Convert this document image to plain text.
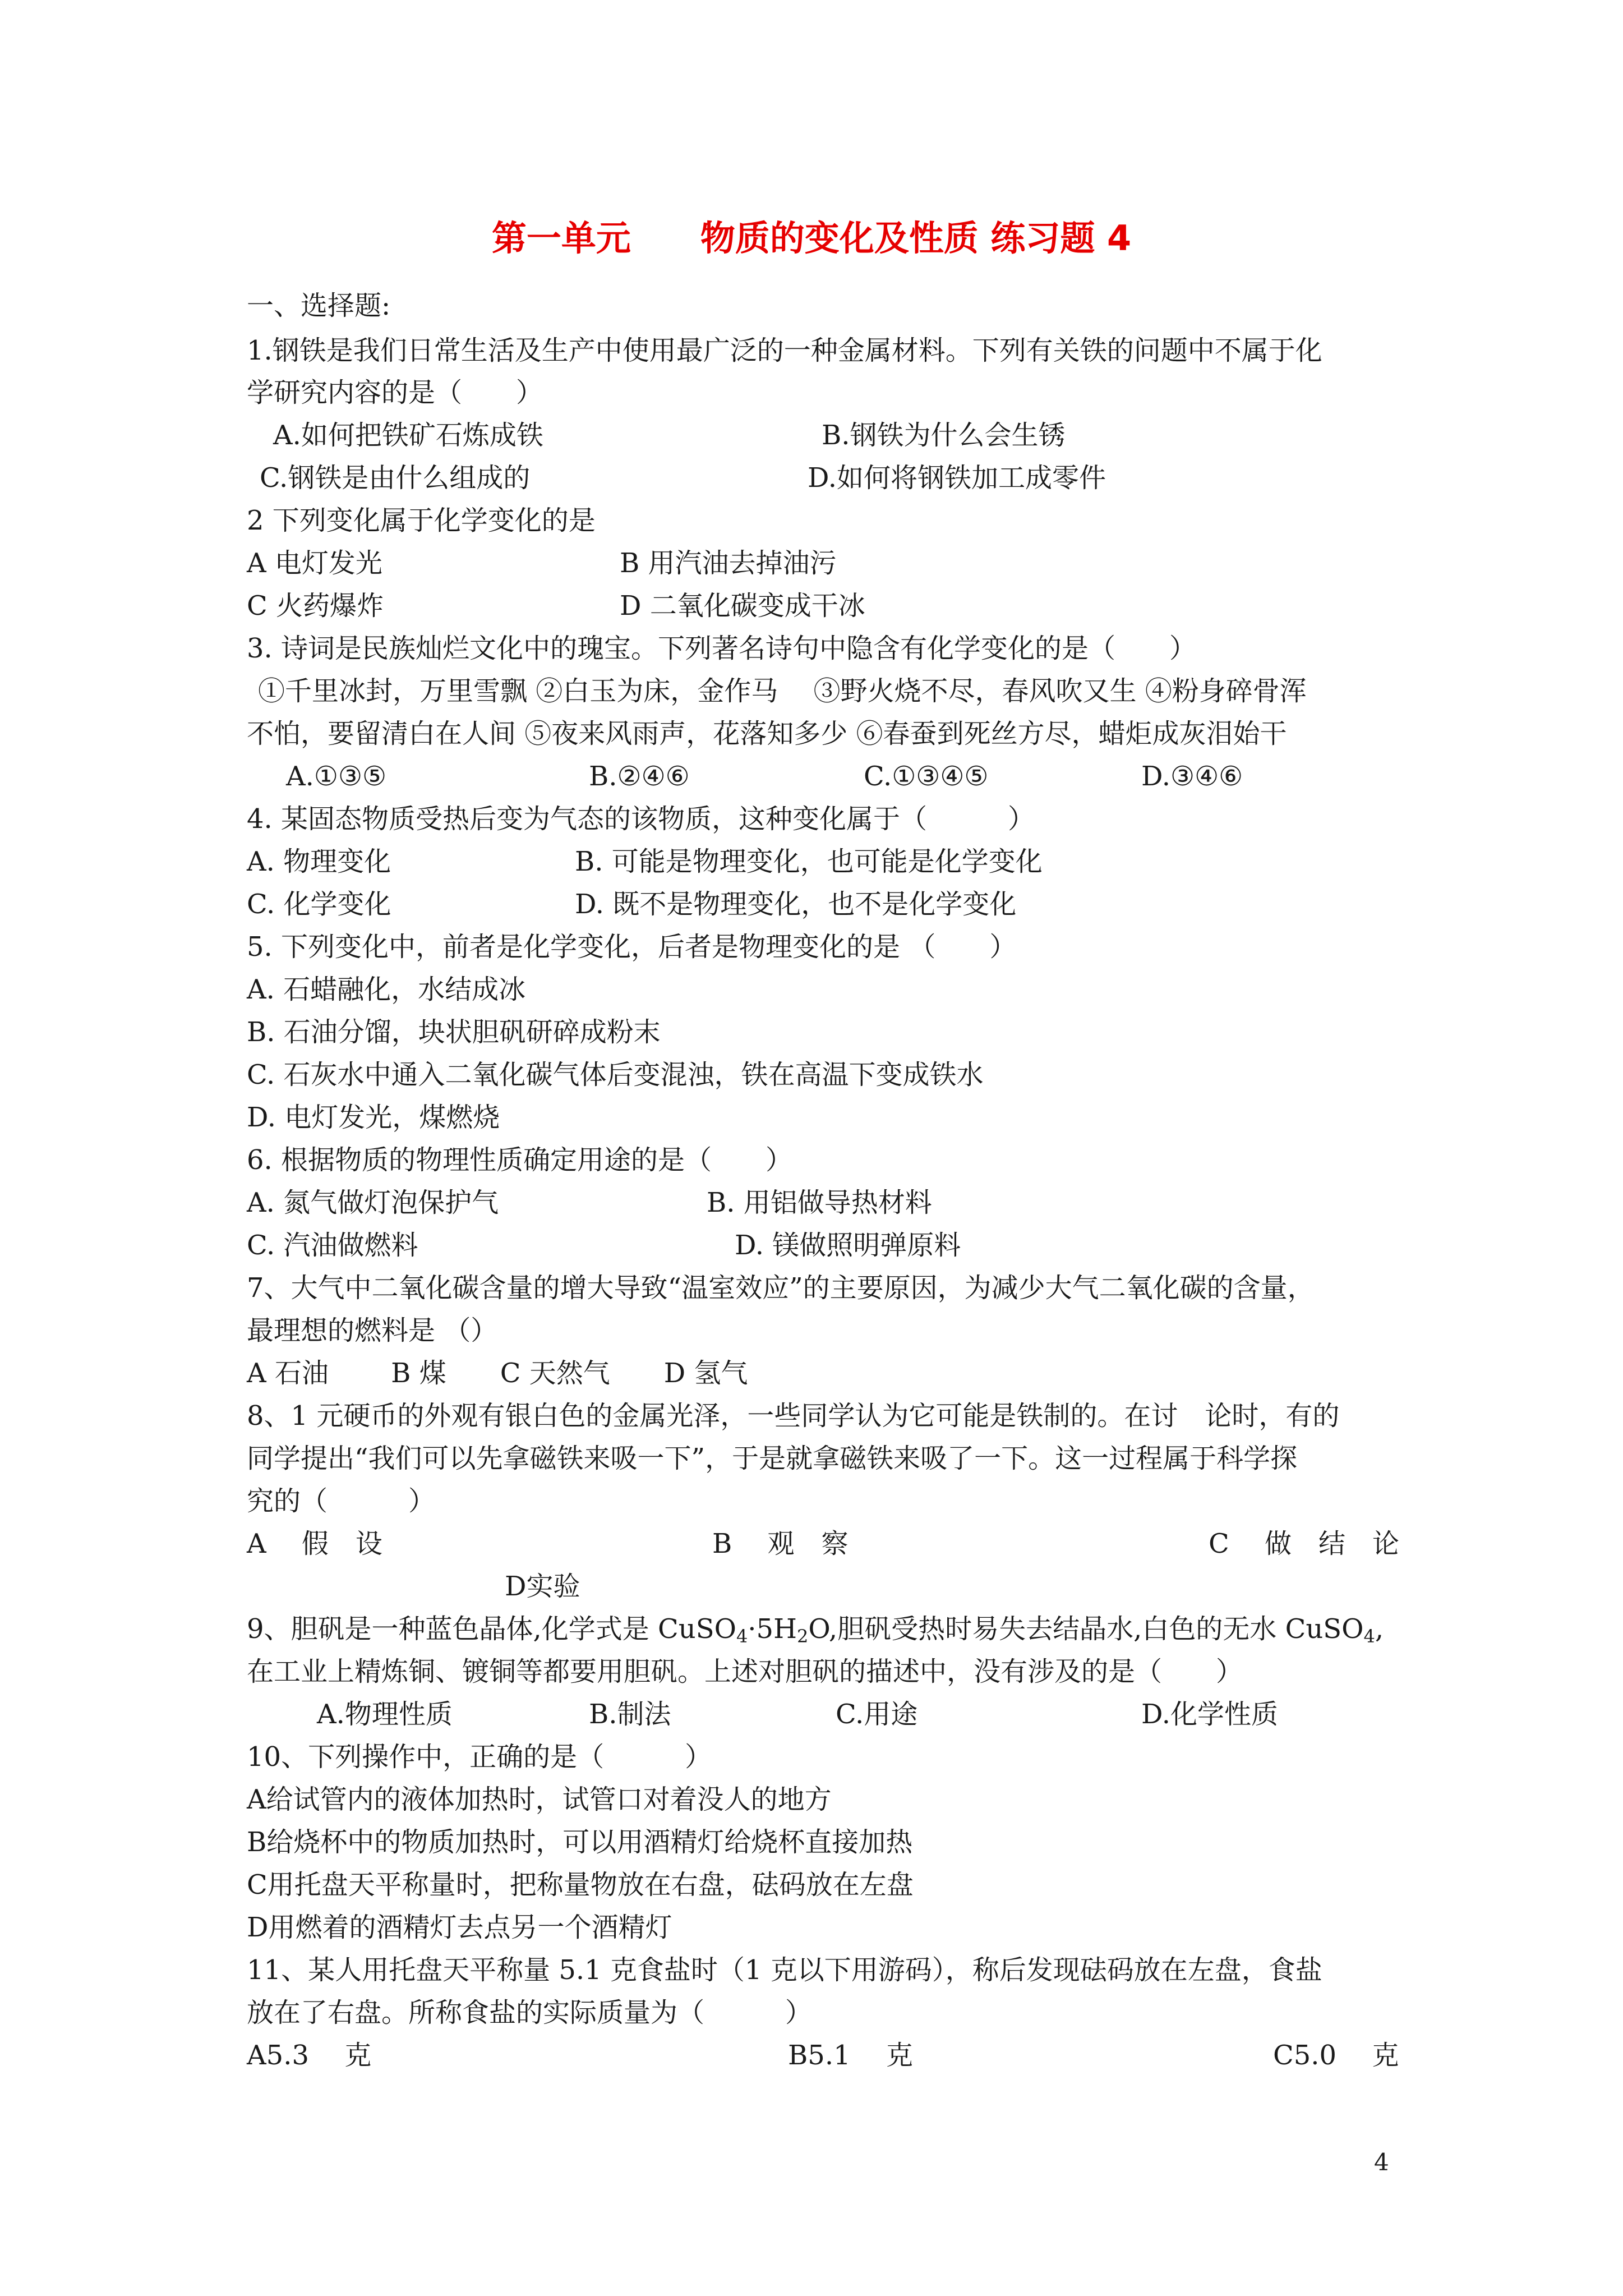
第一单元　　物质的变化及性质 练习题 4
一、选择题:
1.钢铁是我们日常生活及生产中使用最广泛的一种金属材料。下列有关铁的问题中不属于化
学研究内容的是（　　）
A.如何把铁矿石炼成铁	B.钢铁为什么会生锈
C.钢铁是由什么组成的	D.如何将钢铁加工成零件
2 下列变化属于化学变化的是
A 电灯发光	B 用汽油去掉油污
C 火药爆炸	D 二氧化碳变成干冰
3. 诗词是民族灿烂文化中的瑰宝。下列著名诗句中隐含有化学变化的是（　　）
①千里冰封，万里雪飘 ②白玉为床，金作马　 ③野火烧不尽，春风吹又生 ④粉身碎骨浑
不怕，要留清白在人间 ⑤夜来风雨声，花落知多少 ⑥春蚕到死丝方尽，蜡炬成灰泪始干
A.①③⑤	B.②④⑥	C.①③④⑤	D.③④⑥
4. 某固态物质受热后变为气态的该物质，这种变化属于（　　　）
A. 物理变化	B. 可能是物理变化，也可能是化学变化
C. 化学变化	D. 既不是物理变化，也不是化学变化
5. 下列变化中，前者是化学变化，后者是物理变化的是 （　　）
A. 石蜡融化，水结成冰
B. 石油分馏，块状胆矾研碎成粉末
C. 石灰水中通入二氧化碳气体后变混浊，铁在高温下变成铁水
D. 电灯发光，煤燃烧
6. 根据物质的物理性质确定用途的是（　　）
A. 氮气做灯泡保护气	B. 用铝做导热材料
C. 汽油做燃料	D. 镁做照明弹原料
7、大气中二氧化碳含量的增大导致“温室效应”的主要原因，为减少大气二氧化碳的含量，
最理想的燃料是 （）
A 石油　　 B 煤　　C 天然气　　D 氢气
8、1 元硬币的外观有银白色的金属光泽，一些同学认为它可能是铁制的。在讨　论时，有的
同学提出“我们可以先拿磁铁来吸一下”，于是就拿磁铁来吸了一下。这一过程属于科学探
究的（　　　）
A　 假　设	B　 观　察	C　 做　结　论
D实验
9、胆矾是一种蓝色晶体,化学式是 $CuSO_4\cdot 5H_2O$,胆矾受热时易失去结晶水,白色的无水 CuSO$_4$,
在工业上精炼铜、镀铜等都要用胆矾。上述对胆矾的描述中，没有涉及的是（　　）
A.物理性质	B.制法	C.用途	D.化学性质
10、下列操作中，正确的是（　　　）
A给试管内的液体加热时，试管口对着没人的地方
B给烧杯中的物质加热时，可以用酒精灯给烧杯直接加热
C用托盘天平称量时，把称量物放在右盘，砝码放在左盘
D用燃着的酒精灯去点另一个酒精灯
11、某人用托盘天平称量 5.1 克食盐时（1 克以下用游码），称后发现砝码放在左盘，食盐
放在了右盘。所称食盐的实际质量为（　　　）
A5.3　 克	B5.1　 克	C5.0　 克
4
